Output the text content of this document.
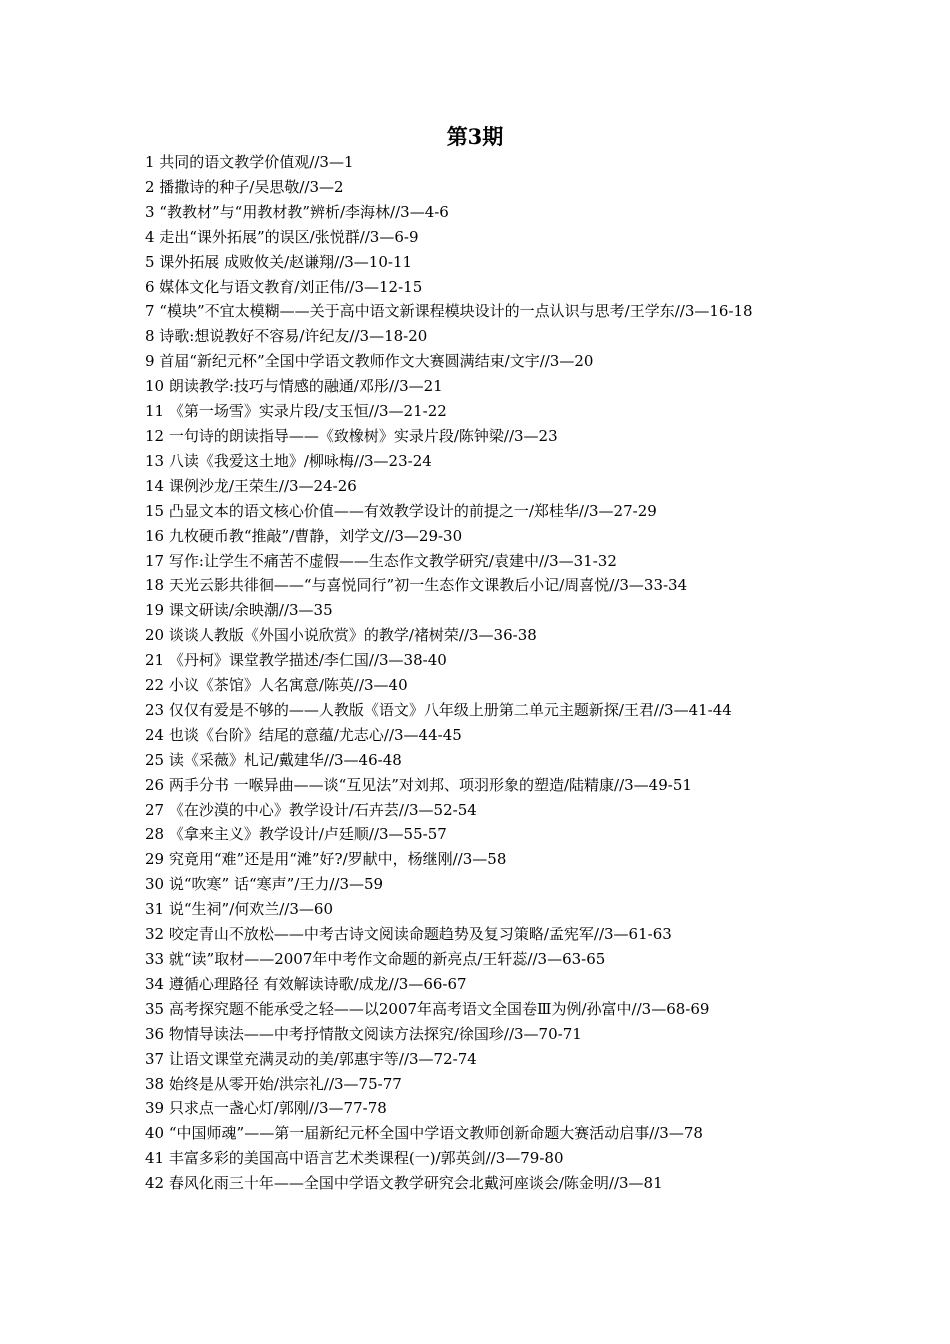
第3期
1 共同的语文教学价值观//3—1
2 播撒诗的种子/吴思敬//3—2
3 “教教材”与“用教材教”辨析/李海林//3—4-6
4 走出“课外拓展”的误区/张悦群//3—6-9
5 课外拓展 成败攸关/赵谦翔//3—10-11
6 媒体文化与语文教育/刘正伟//3—12-15
7 “模块”不宜太模糊——关于高中语文新课程模块设计的一点认识与思考/王学东//3—16-18
8 诗歌:想说教好不容易/许纪友//3—18-20
9 首届“新纪元杯”全国中学语文教师作文大赛圆满结束/文宇//3—20
10 朗读教学:技巧与情感的融通/邓彤//3—21
11 《第一场雪》实录片段/支玉恒//3—21-22
12 一句诗的朗读指导——《致橡树》实录片段/陈钟梁//3—23
13 八读《我爱这土地》/柳咏梅//3—23-24
14 课例沙龙/王荣生//3—24-26
15 凸显文本的语文核心价值——有效教学设计的前提之一/郑桂华//3—27-29
16 九枚硬币教“推敲”/曹静，刘学文//3—29-30
17 写作:让学生不痛苦不虚假——生态作文教学研究/袁建中//3—31-32
18 天光云影共徘徊——“与喜悦同行”初一生态作文课教后小记/周喜悦//3—33-34
19 课文研读/余映潮//3—35
20 谈谈人教版《外国小说欣赏》的教学/褚树荣//3—36-38
21 《丹柯》课堂教学描述/李仁国//3—38-40
22 小议《茶馆》人名寓意/陈英//3—40
23 仅仅有爱是不够的——人教版《语文》八年级上册第二单元主题新探/王君//3—41-44
24 也谈《台阶》结尾的意蕴/尤志心//3—44-45
25 读《采薇》札记/戴建华//3—46-48
26 两手分书 一喉异曲——谈“互见法”对刘邦、项羽形象的塑造/陆精康//3—49-51
27 《在沙漠的中心》教学设计/石卉芸//3—52-54
28 《拿来主义》教学设计/卢廷顺//3—55-57
29 究竟用“难”还是用“滩”好?/罗献中，杨继刚//3—58
30 说“吹寒” 话“寒声”/王力//3—59
31 说“生祠”/何欢兰//3—60
32 咬定青山不放松——中考古诗文阅读命题趋势及复习策略/孟宪军//3—61-63
33 就“读”取材——2007年中考作文命题的新亮点/王轩蕊//3—63-65
34 遵循心理路径 有效解读诗歌/成龙//3—66-67
35 高考探究题不能承受之轻——以2007年高考语文全国卷Ⅲ为例/孙富中//3—68-69
36 物情导读法——中考抒情散文阅读方法探究/徐国珍//3—70-71
37 让语文课堂充满灵动的美/郭惠宇等//3—72-74
38 始终是从零开始/洪宗礼//3—75-77
39 只求点一盏心灯/郭刚//3—77-78
40 “中国师魂”——第一届新纪元杯全国中学语文教师创新命题大赛活动启事//3—78
41 丰富多彩的美国高中语言艺术类课程(一)/郭英剑//3—79-80
42 春风化雨三十年——全国中学语文教学研究会北戴河座谈会/陈金明//3—81
